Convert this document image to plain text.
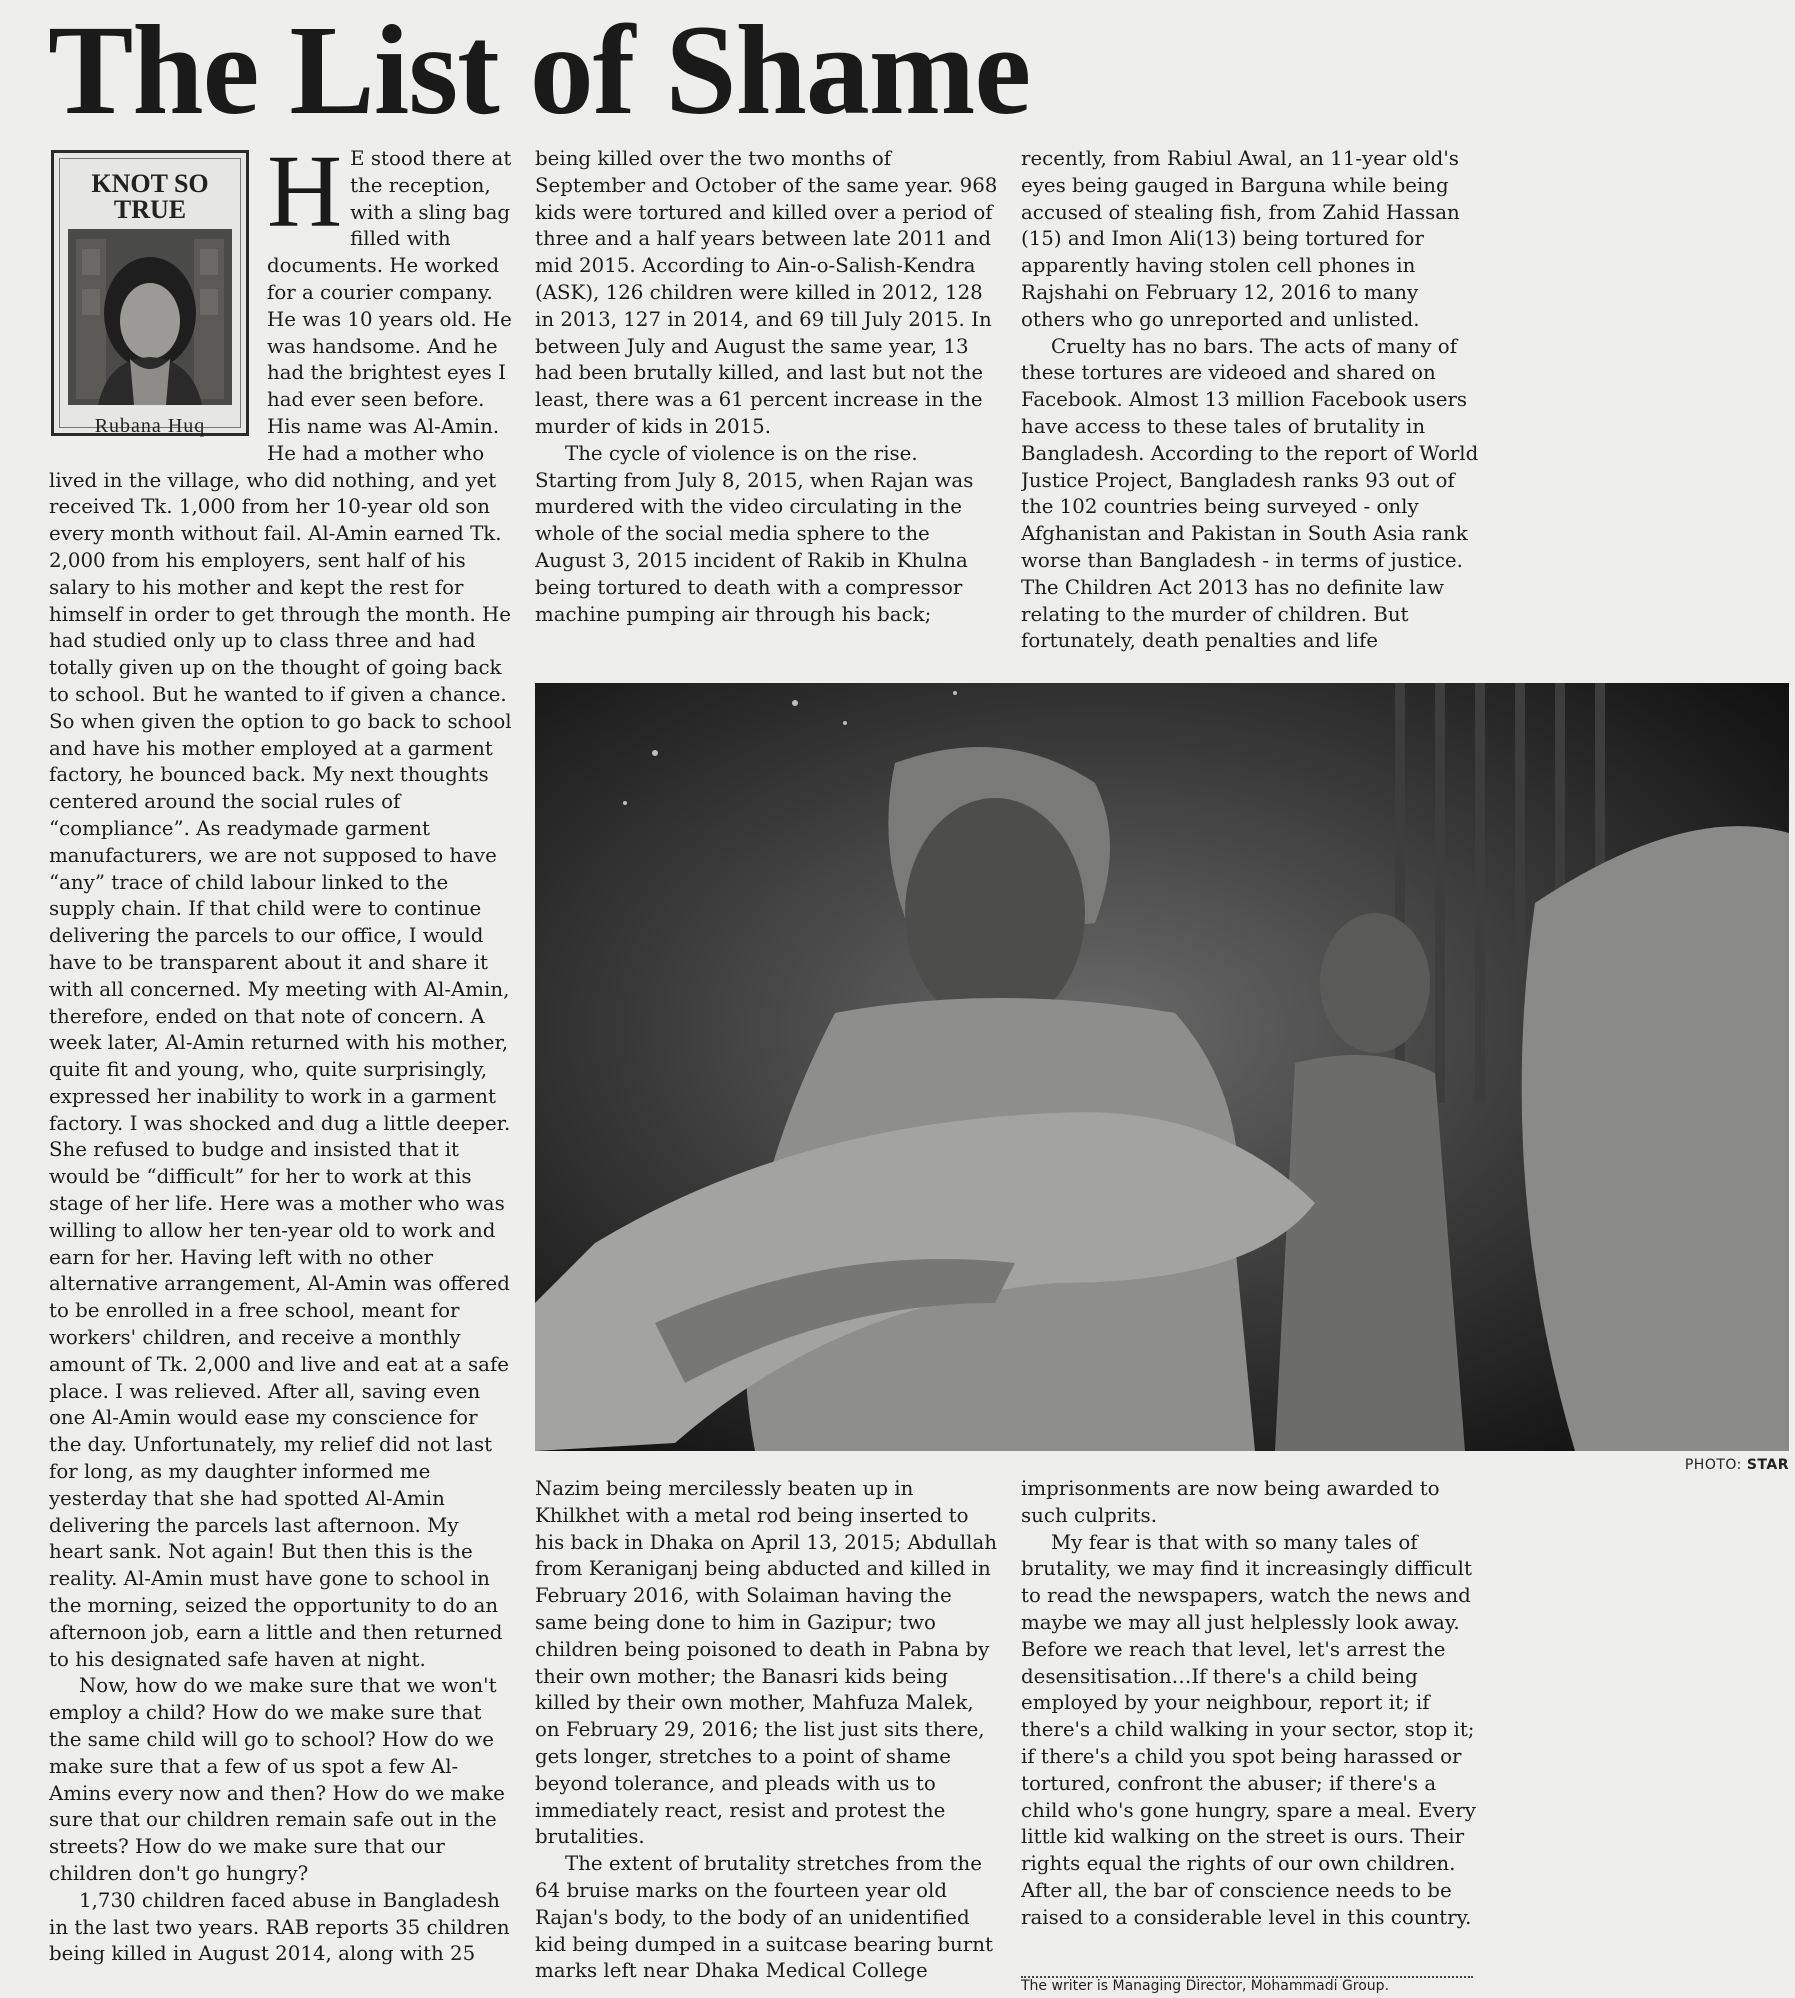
The List of Shame
KNOT SO
TRUE
Rubana Huq

H E stood there at the reception, with a sling bag filled with documents. He worked for a courier company. He was 10 years old. He was handsome. And he had the brightest eyes I had ever seen before. His name was Al-Amin. He had a mother who lived in the village, who did nothing, and yet received Tk. 1,000 from her 10-year old son every month without fail. Al-Amin earned Tk. 2,000 from his employers, sent half of his salary to his mother and kept the rest for himself in order to get through the month. He had studied only up to class three and had totally given up on the thought of going back to school. But he wanted to if given a chance. So when given the option to go back to school and have his mother employed at a garment factory, he bounced back. My next thoughts centered around the social rules of “compliance”. As readymade garment manufacturers, we are not supposed to have “any” trace of child labour linked to the supply chain. If that child were to continue delivering the parcels to our office, I would have to be transparent about it and share it with all concerned. My meeting with Al-Amin, therefore, ended on that note of concern. A week later, Al-Amin returned with his mother, quite fit and young, who, quite surprisingly, expressed her inability to work in a garment factory. I was shocked and dug a little deeper. She refused to budge and insisted that it would be “difficult” for her to work at this stage of her life. Here was a mother who was willing to allow her ten-year old to work and earn for her. Having left with no other alternative arrangement, Al-Amin was offered to be enrolled in a free school, meant for workers' children, and receive a monthly amount of Tk. 2,000 and live and eat at a safe place. I was relieved. After all, saving even one Al-Amin would ease my conscience for the day. Unfortunately, my relief did not last for long, as my daughter informed me yesterday that she had spotted Al-Amin delivering the parcels last afternoon. My heart sank. Not again! But then this is the reality. Al-Amin must have gone to school in the morning, seized the opportunity to do an afternoon job, earn a little and then returned to his designated safe haven at night.

Now, how do we make sure that we won't employ a child? How do we make sure that the same child will go to school? How do we make sure that a few of us spot a few Al-Amins every now and then? How do we make sure that our children remain safe out in the streets? How do we make sure that our children don't go hungry?

1,730 children faced abuse in Bangladesh in the last two years. RAB reports 35 children being killed in August 2014, along with 25

being killed over the two months of September and October of the same year. 968 kids were tortured and killed over a period of three and a half years between late 2011 and mid 2015. According to Ain-o-Salish-Kendra (ASK), 126 children were killed in 2012, 128 in 2013, 127 in 2014, and 69 till July 2015. In between July and August the same year, 13 had been brutally killed, and last but not the least, there was a 61 percent increase in the murder of kids in 2015.

The cycle of violence is on the rise. Starting from July 8, 2015, when Rajan was murdered with the video circulating in the whole of the social media sphere to the August 3, 2015 incident of Rakib in Khulna being tortured to death with a compressor machine pumping air through his back;

recently, from Rabiul Awal, an 11-year old's eyes being gauged in Barguna while being accused of stealing fish, from Zahid Hassan (15) and Imon Ali(13) being tortured for apparently having stolen cell phones in Rajshahi on February 12, 2016 to many others who go unreported and unlisted.

Cruelty has no bars. The acts of many of these tortures are videoed and shared on Facebook. Almost 13 million Facebook users have access to these tales of brutality in Bangladesh. According to the report of World Justice Project, Bangladesh ranks 93 out of the 102 countries being surveyed - only Afghanistan and Pakistan in South Asia rank worse than Bangladesh - in terms of justice. The Children Act 2013 has no definite law relating to the murder of children. But fortunately, death penalties and life

PHOTO: STAR

Nazim being mercilessly beaten up in Khilkhet with a metal rod being inserted to his back in Dhaka on April 13, 2015; Abdullah from Keraniganj being abducted and killed in February 2016, with Solaiman having the same being done to him in Gazipur; two children being poisoned to death in Pabna by their own mother; the Banasri kids being killed by their own mother, Mahfuza Malek, on February 29, 2016; the list just sits there, gets longer, stretches to a point of shame beyond tolerance, and pleads with us to immediately react, resist and protest the brutalities.

The extent of brutality stretches from the 64 bruise marks on the fourteen year old Rajan's body, to the body of an unidentified kid being dumped in a suitcase bearing burnt marks left near Dhaka Medical College

imprisonments are now being awarded to such culprits.

My fear is that with so many tales of brutality, we may find it increasingly difficult to read the newspapers, watch the news and maybe we may all just helplessly look away. Before we reach that level, let's arrest the desensitisation…If there's a child being employed by your neighbour, report it; if there's a child walking in your sector, stop it; if there's a child you spot being harassed or tortured, confront the abuser; if there's a child who's gone hungry, spare a meal. Every little kid walking on the street is ours. Their rights equal the rights of our own children. After all, the bar of conscience needs to be raised to a considerable level in this country.

The writer is Managing Director, Mohammadi Group.
